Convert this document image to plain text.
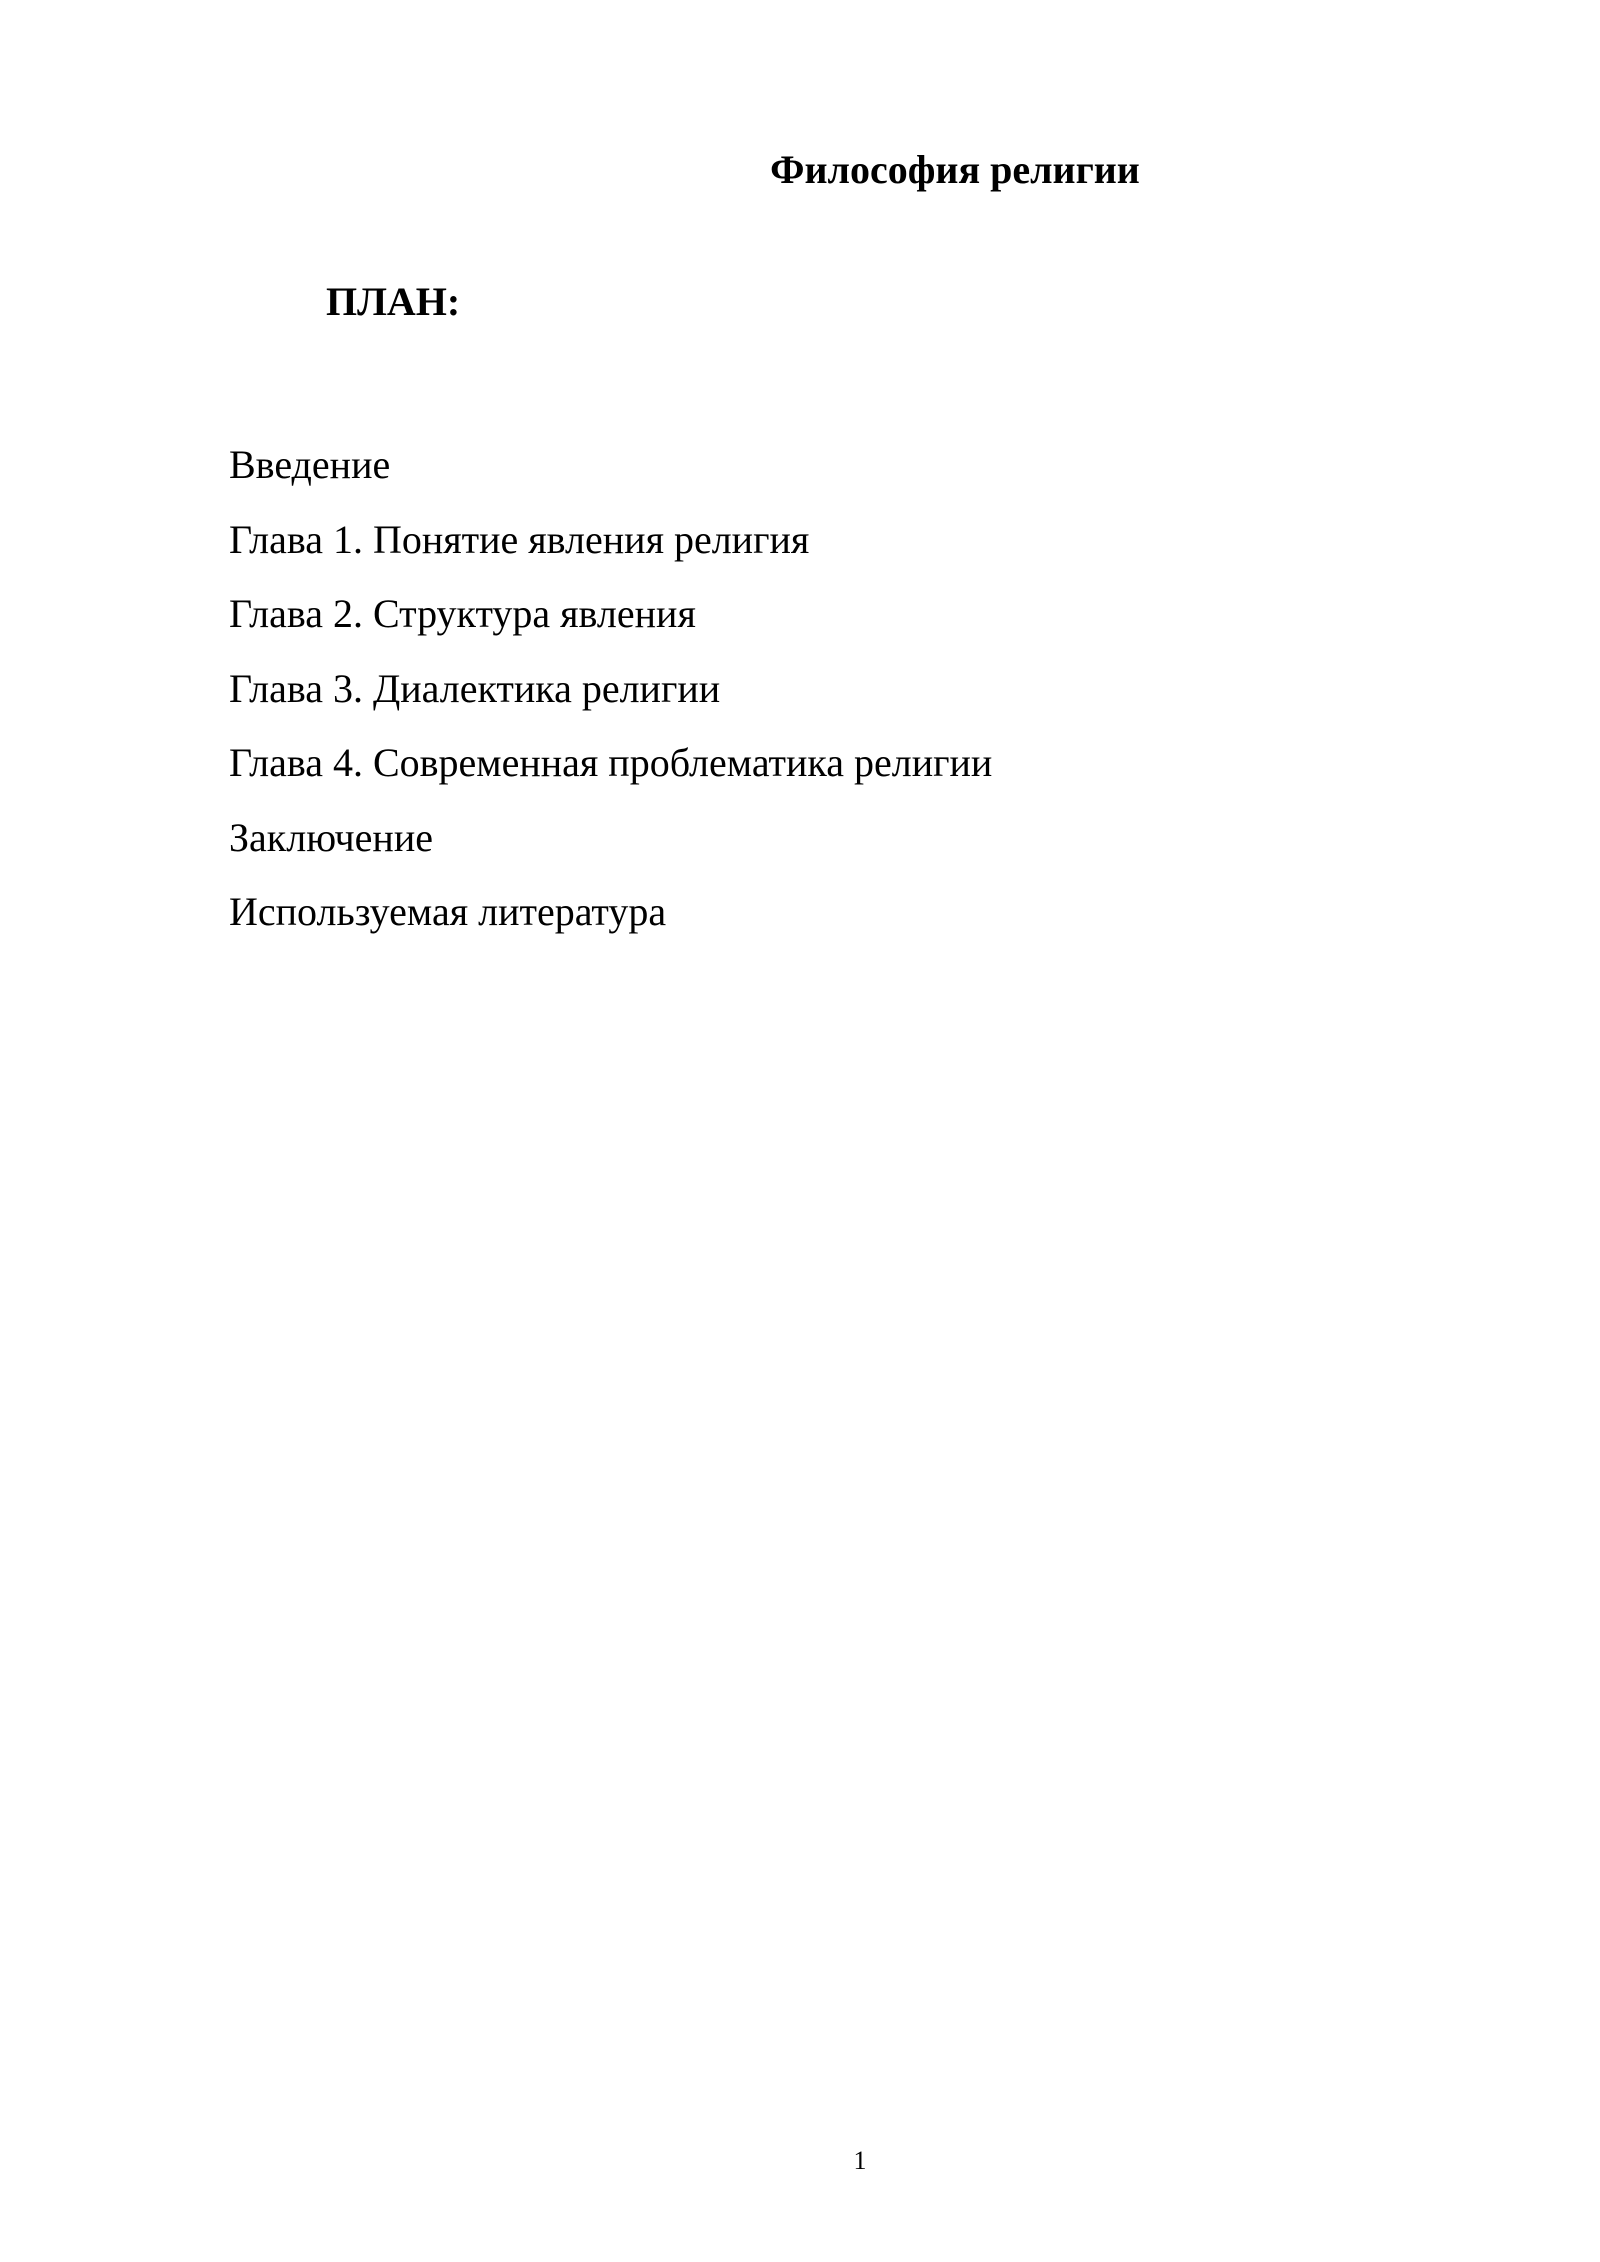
Философия религии
ПЛАН:
Введение
Глава 1. Понятие явления религия
Глава 2. Структура явления
Глава 3. Диалектика религии
Глава 4. Современная проблематика религии
Заключение
Используемая литература
1
